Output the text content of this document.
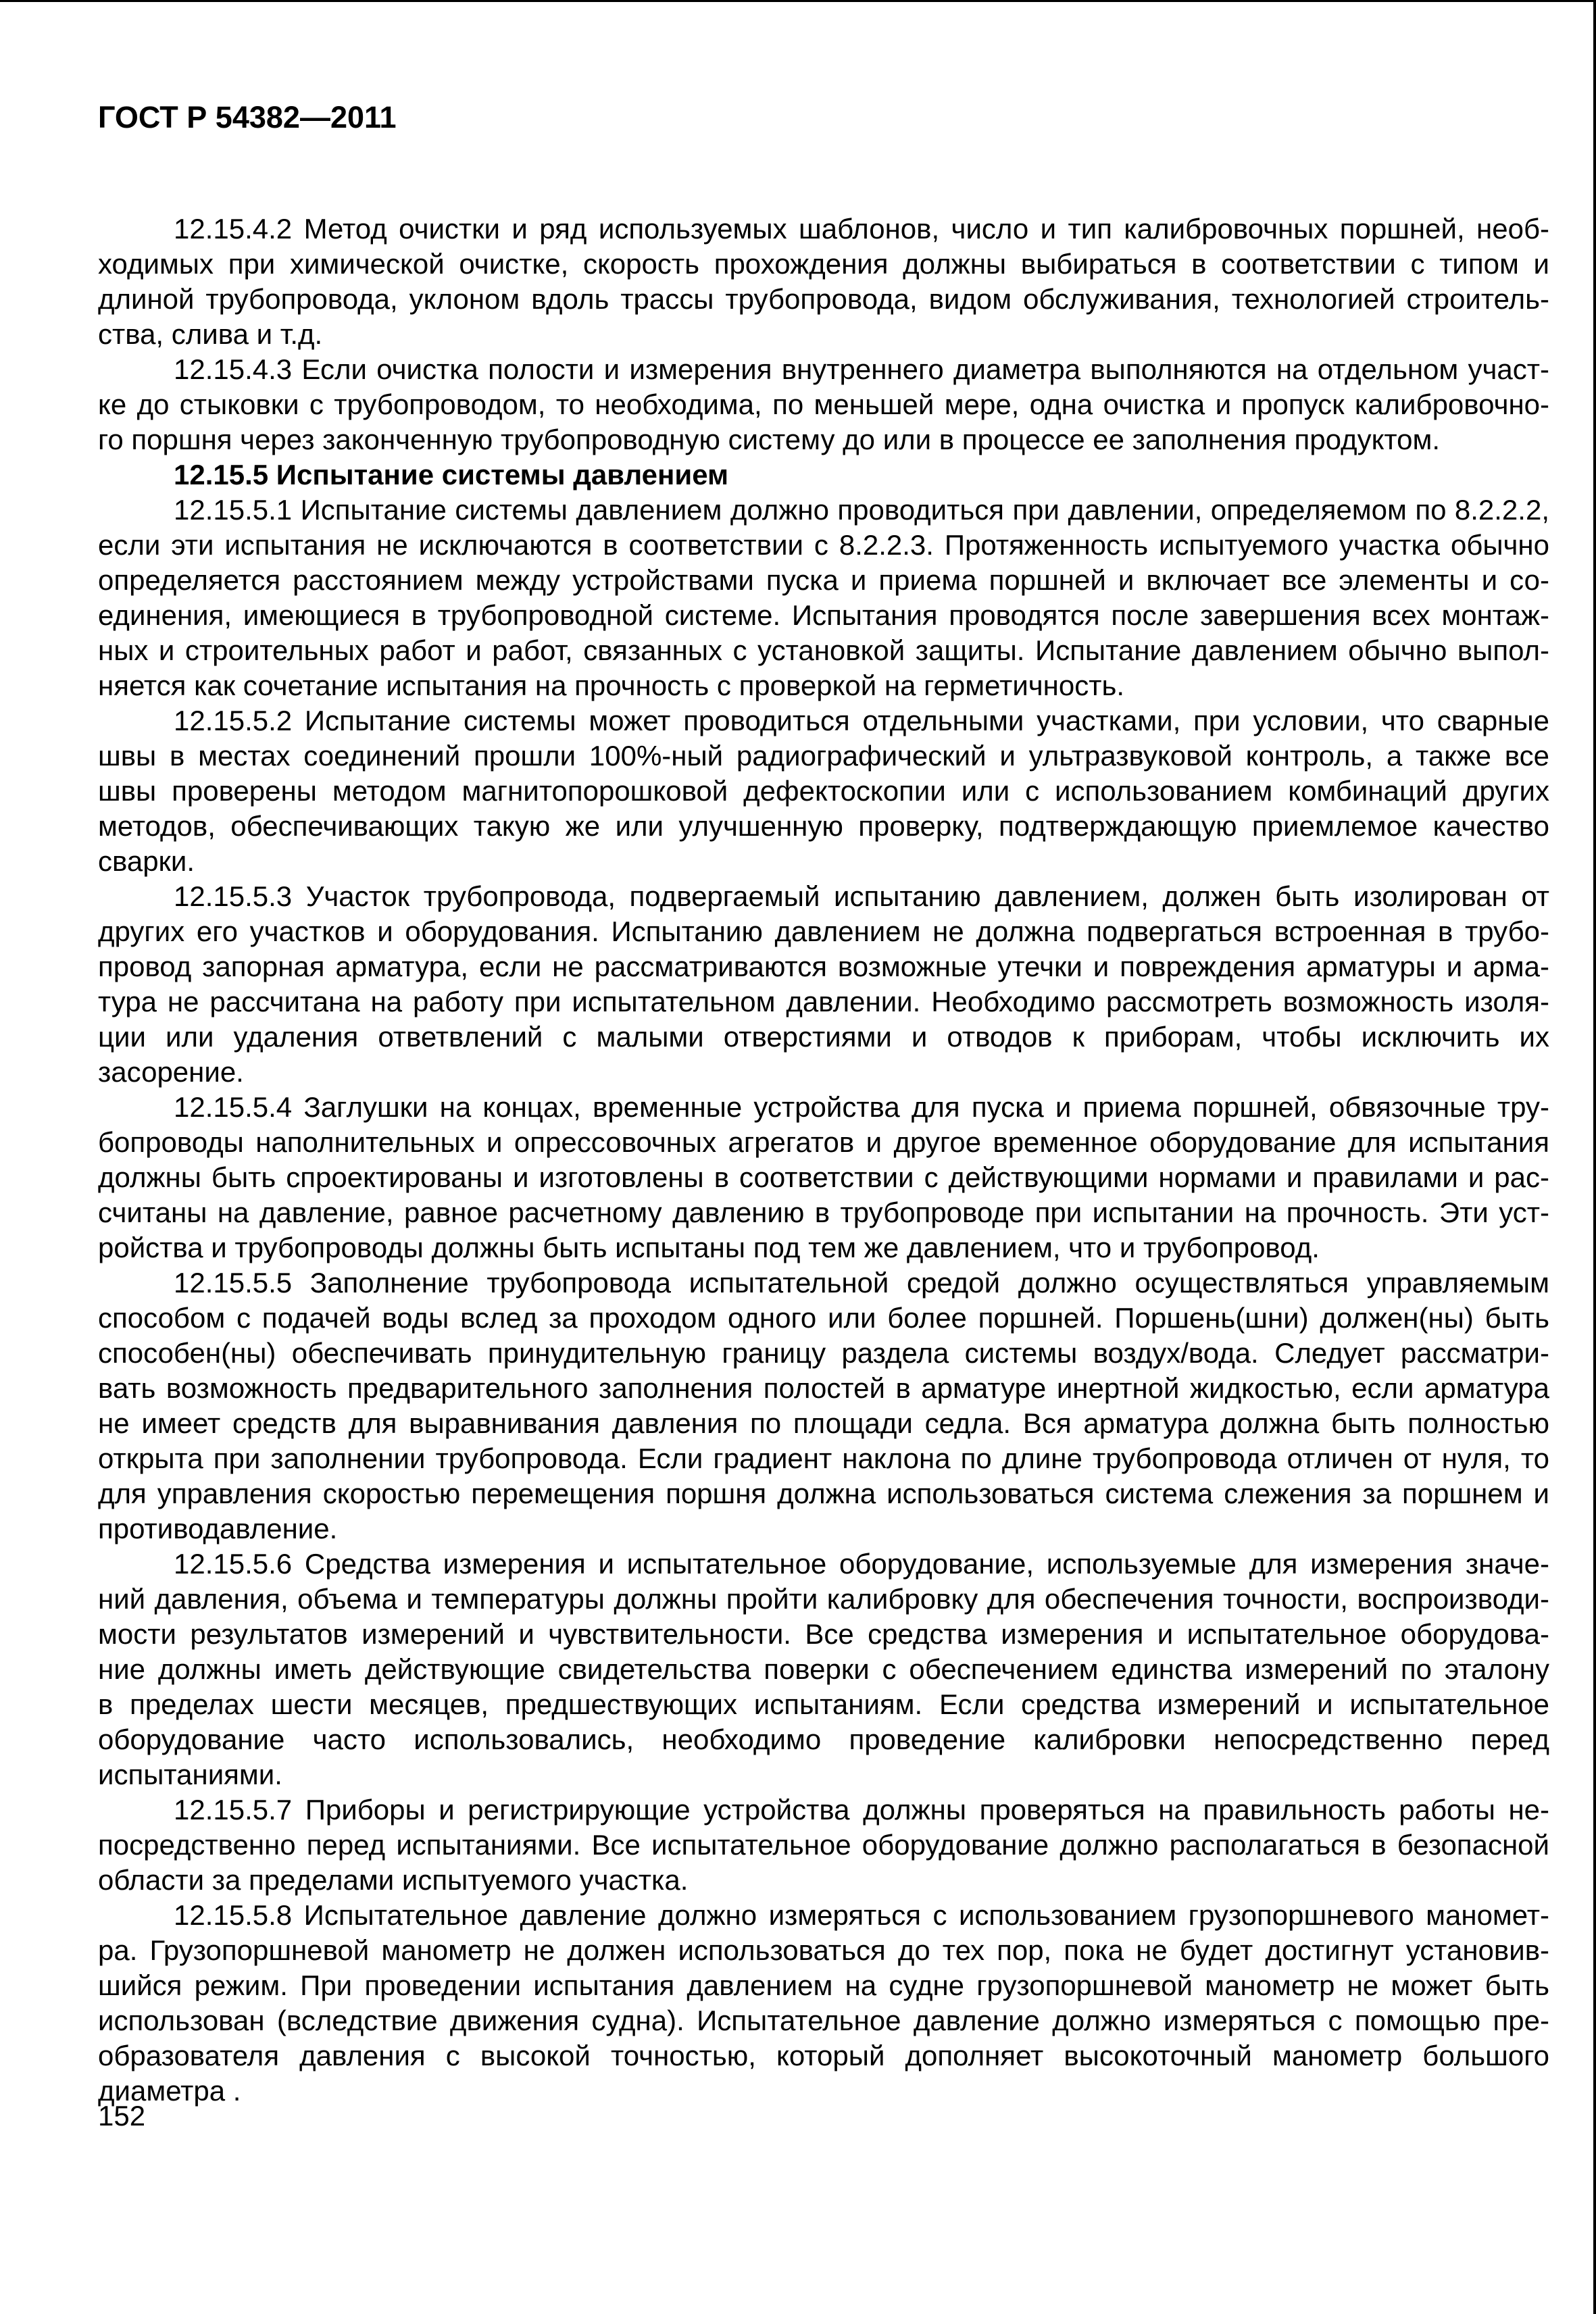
ГОСТ Р 54382—2011
12.15.4.2 Метод очистки и ряд используемых шаблонов, число и тип калибровочных поршней, необ-
ходимых при химической очистке, скорость прохождения должны выбираться в соответствии с типом и
длиной трубопровода, уклоном вдоль трассы трубопровода, видом обслуживания, технологией строитель-
ства, слива и т.д.
12.15.4.3 Если очистка полости и измерения внутреннего диаметра выполняются на отдельном участ-
ке до стыковки с трубопроводом, то необходима, по меньшей мере, одна очистка и пропуск калибровочно-
го поршня через законченную трубопроводную систему до или в процессе ее заполнения продуктом.
12.15.5 Испытание системы давлением
12.15.5.1 Испытание системы давлением должно проводиться при давлении, определяемом по 8.2.2.2,
если эти испытания не исключаются в соответствии с 8.2.2.3. Протяженность испытуемого участка обычно
определяется расстоянием между устройствами пуска и приема поршней и включает все элементы и со-
единения, имеющиеся в трубопроводной системе. Испытания проводятся после завершения всех монтаж-
ных и строительных работ и работ, связанных с установкой защиты. Испытание давлением обычно выпол-
няется как сочетание испытания на прочность с проверкой на герметичность.
12.15.5.2 Испытание системы может проводиться отдельными участками, при условии, что сварные
швы в местах соединений прошли 100%-ный радиографический и ультразвуковой контроль, а также все
швы проверены методом магнитопорошковой дефектоскопии или с использованием комбинаций других
методов, обеспечивающих такую же или улучшенную проверку, подтверждающую приемлемое качество
сварки.
12.15.5.3 Участок трубопровода, подвергаемый испытанию давлением, должен быть изолирован от
других его участков и оборудования. Испытанию давлением не должна подвергаться встроенная в трубо-
провод запорная арматура, если не рассматриваются возможные утечки и повреждения арматуры и арма-
тура не рассчитана на работу при испытательном давлении. Необходимо рассмотреть возможность изоля-
ции или удаления ответвлений с малыми отверстиями и отводов к приборам, чтобы исключить их
засорение.
12.15.5.4 Заглушки на концах, временные устройства для пуска и приема поршней, обвязочные тру-
бопроводы наполнительных и опрессовочных агрегатов и другое временное оборудование для испытания
должны быть спроектированы и изготовлены в соответствии с действующими нормами и правилами и рас-
считаны на давление, равное расчетному давлению в трубопроводе при испытании на прочность. Эти уст-
ройства и трубопроводы должны быть испытаны под тем же давлением, что и трубопровод.
12.15.5.5 Заполнение трубопровода испытательной средой должно осуществляться управляемым
способом с подачей воды вслед за проходом одного или более поршней. Поршень(шни) должен(ны) быть
способен(ны) обеспечивать принудительную границу раздела системы воздух/вода. Следует рассматри-
вать возможность предварительного заполнения полостей в арматуре инертной жидкостью, если арматура
не имеет средств для выравнивания давления по площади седла. Вся арматура должна быть полностью
открыта при заполнении трубопровода. Если градиент наклона по длине трубопровода отличен от нуля, то
для управления скоростью перемещения поршня должна использоваться система слежения за поршнем и
противодавление.
12.15.5.6 Средства измерения и испытательное оборудование, используемые для измерения значе-
ний давления, объема и температуры должны пройти калибровку для обеспечения точности, воспроизводи-
мости результатов измерений и чувствительности. Все средства измерения и испытательное оборудова-
ние должны иметь действующие свидетельства поверки с обеспечением единства измерений по эталону
в пределах шести месяцев, предшествующих испытаниям. Если средства измерений и испытательное
оборудование часто использовались, необходимо проведение калибровки непосредственно перед
испытаниями.
12.15.5.7 Приборы и регистрирующие устройства должны проверяться на правильность работы не-
посредственно перед испытаниями. Все испытательное оборудование должно располагаться в безопасной
области за пределами испытуемого участка.
12.15.5.8 Испытательное давление должно измеряться с использованием грузопоршневого маномет-
ра. Грузопоршневой манометр не должен использоваться до тех пор, пока не будет достигнут установив-
шийся режим. При проведении испытания давлением на судне грузопоршневой манометр не может быть
использован (вследствие движения судна). Испытательное давление должно измеряться с помощью пре-
образователя давления с высокой точностью, который дополняет высокоточный манометр большого
диаметра .
152
